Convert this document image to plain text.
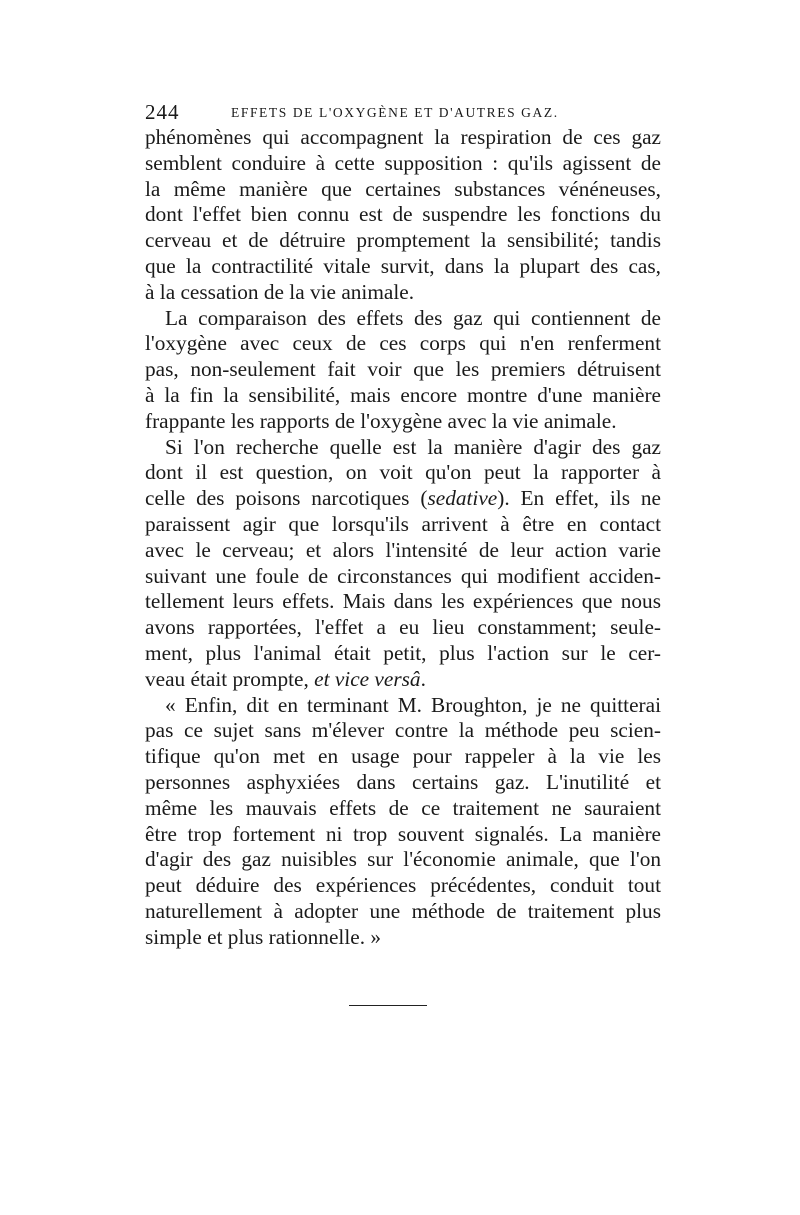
244	EFFETS DE L'OXYGÈNE ET D'AUTRES GAZ.
phénomènes qui accompagnent la respiration de ces gaz
semblent conduire à cette supposition : qu'ils agissent de
la même manière que certaines substances vénéneuses,
dont l'effet bien connu est de suspendre les fonctions du
cerveau et de détruire promptement la sensibilité; tandis
que la contractilité vitale survit, dans la plupart des cas,
à la cessation de la vie animale.
La comparaison des effets des gaz qui contiennent de
l'oxygène avec ceux de ces corps qui n'en renferment
pas, non-seulement fait voir que les premiers détruisent
à la fin la sensibilité, mais encore montre d'une manière
frappante les rapports de l'oxygène avec la vie animale.
Si l'on recherche quelle est la manière d'agir des gaz
dont il est question, on voit qu'on peut la rapporter à
celle des poisons narcotiques (sedative). En effet, ils ne
paraissent agir que lorsqu'ils arrivent à être en contact
avec le cerveau; et alors l'intensité de leur action varie
suivant une foule de circonstances qui modifient acciden-
tellement leurs effets. Mais dans les expériences que nous
avons rapportées, l'effet a eu lieu constamment; seule-
ment, plus l'animal était petit, plus l'action sur le cer-
veau était prompte, et vice versâ.
« Enfin, dit en terminant M. Broughton, je ne quitterai
pas ce sujet sans m'élever contre la méthode peu scien-
tifique qu'on met en usage pour rappeler à la vie les
personnes asphyxiées dans certains gaz. L'inutilité et
même les mauvais effets de ce traitement ne sauraient
être trop fortement ni trop souvent signalés. La manière
d'agir des gaz nuisibles sur l'économie animale, que l'on
peut déduire des expériences précédentes, conduit tout
naturellement à adopter une méthode de traitement plus
simple et plus rationnelle. »
